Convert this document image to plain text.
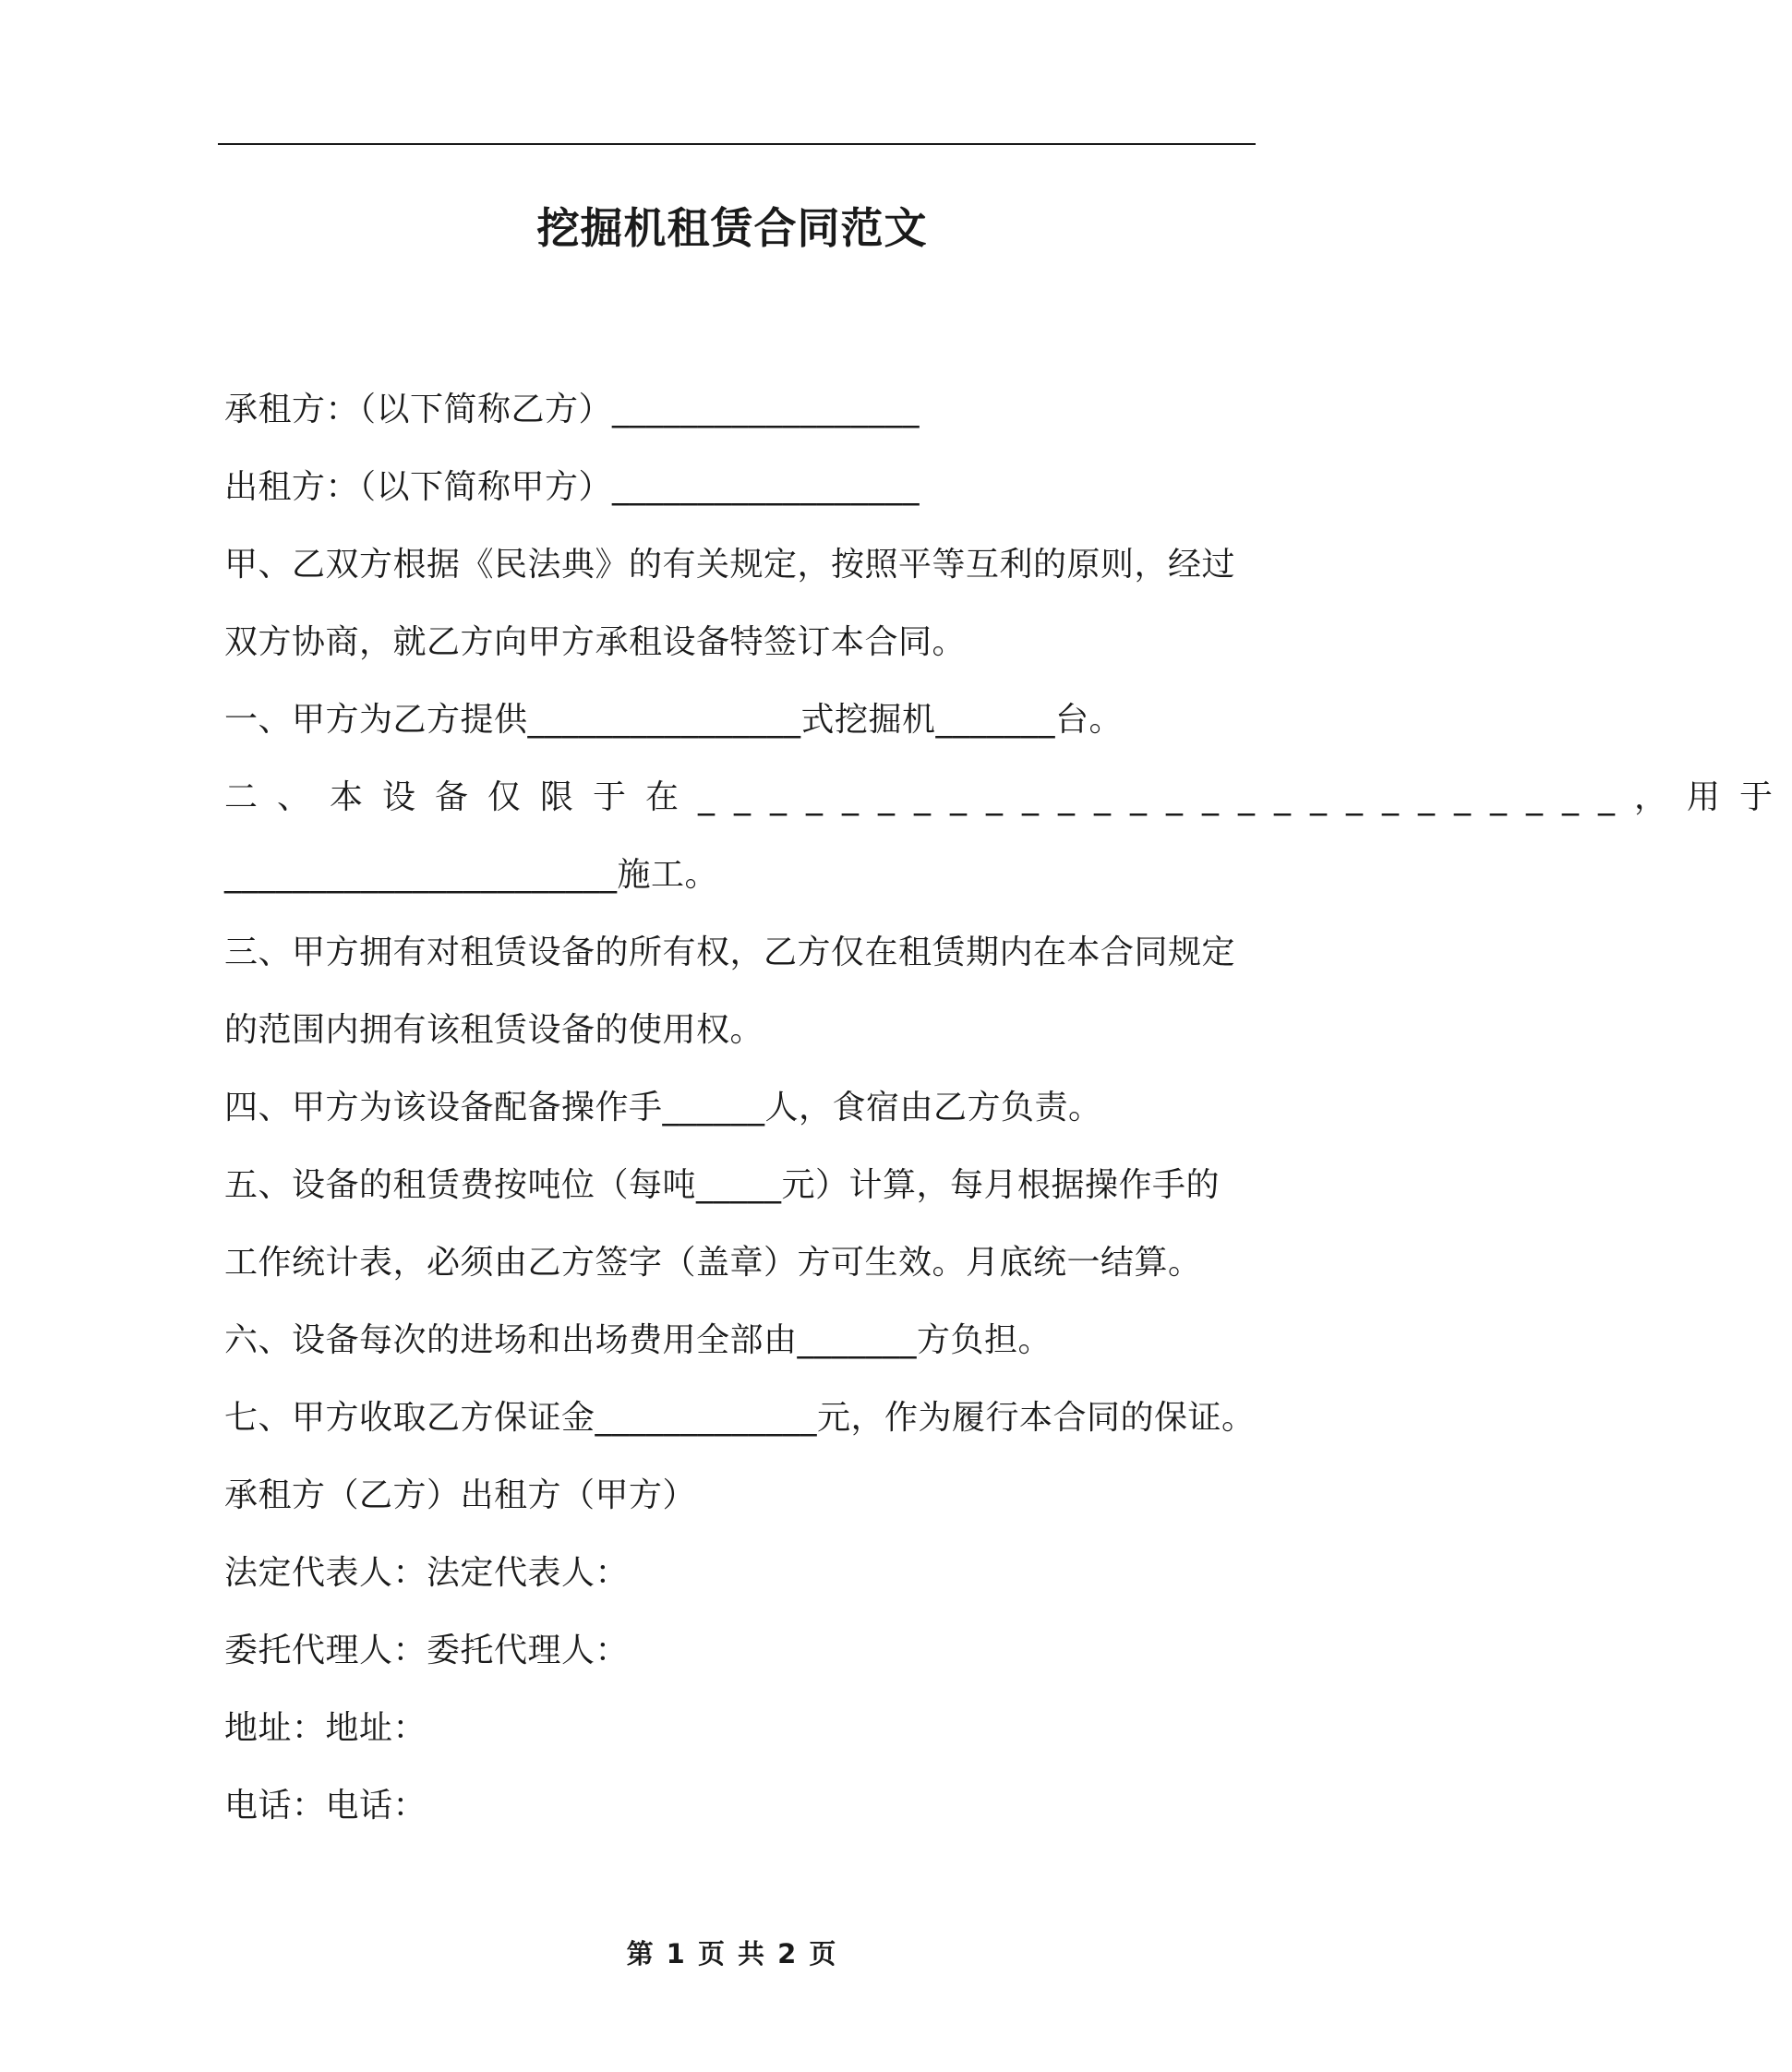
挖掘机租赁合同范文
承租方：（以下简称乙方）__________________
出租方：（以下简称甲方）__________________
甲、乙双方根据《民法典》的有关规定，按照平等互利的原则，经过
双方协商，就乙方向甲方承租设备特签订本合同。
一、甲方为乙方提供________________式挖掘机_______台。
二、本设备仅限于在__________________________，用于
_______________________施工。
三、甲方拥有对租赁设备的所有权，乙方仅在租赁期内在本合同规定
的范围内拥有该租赁设备的使用权。
四、甲方为该设备配备操作手______人，食宿由乙方负责。
五、设备的租赁费按吨位（每吨_____元）计算，每月根据操作手的
工作统计表，必须由乙方签字（盖章）方可生效。月底统一结算。
六、设备每次的进场和出场费用全部由_______方负担。
七、甲方收取乙方保证金_____________元，作为履行本合同的保证。
承租方（乙方）出租方（甲方）
法定代表人：法定代表人：
委托代理人：委托代理人：
地址：地址：
电话：电话：
第 1 页 共 2 页
